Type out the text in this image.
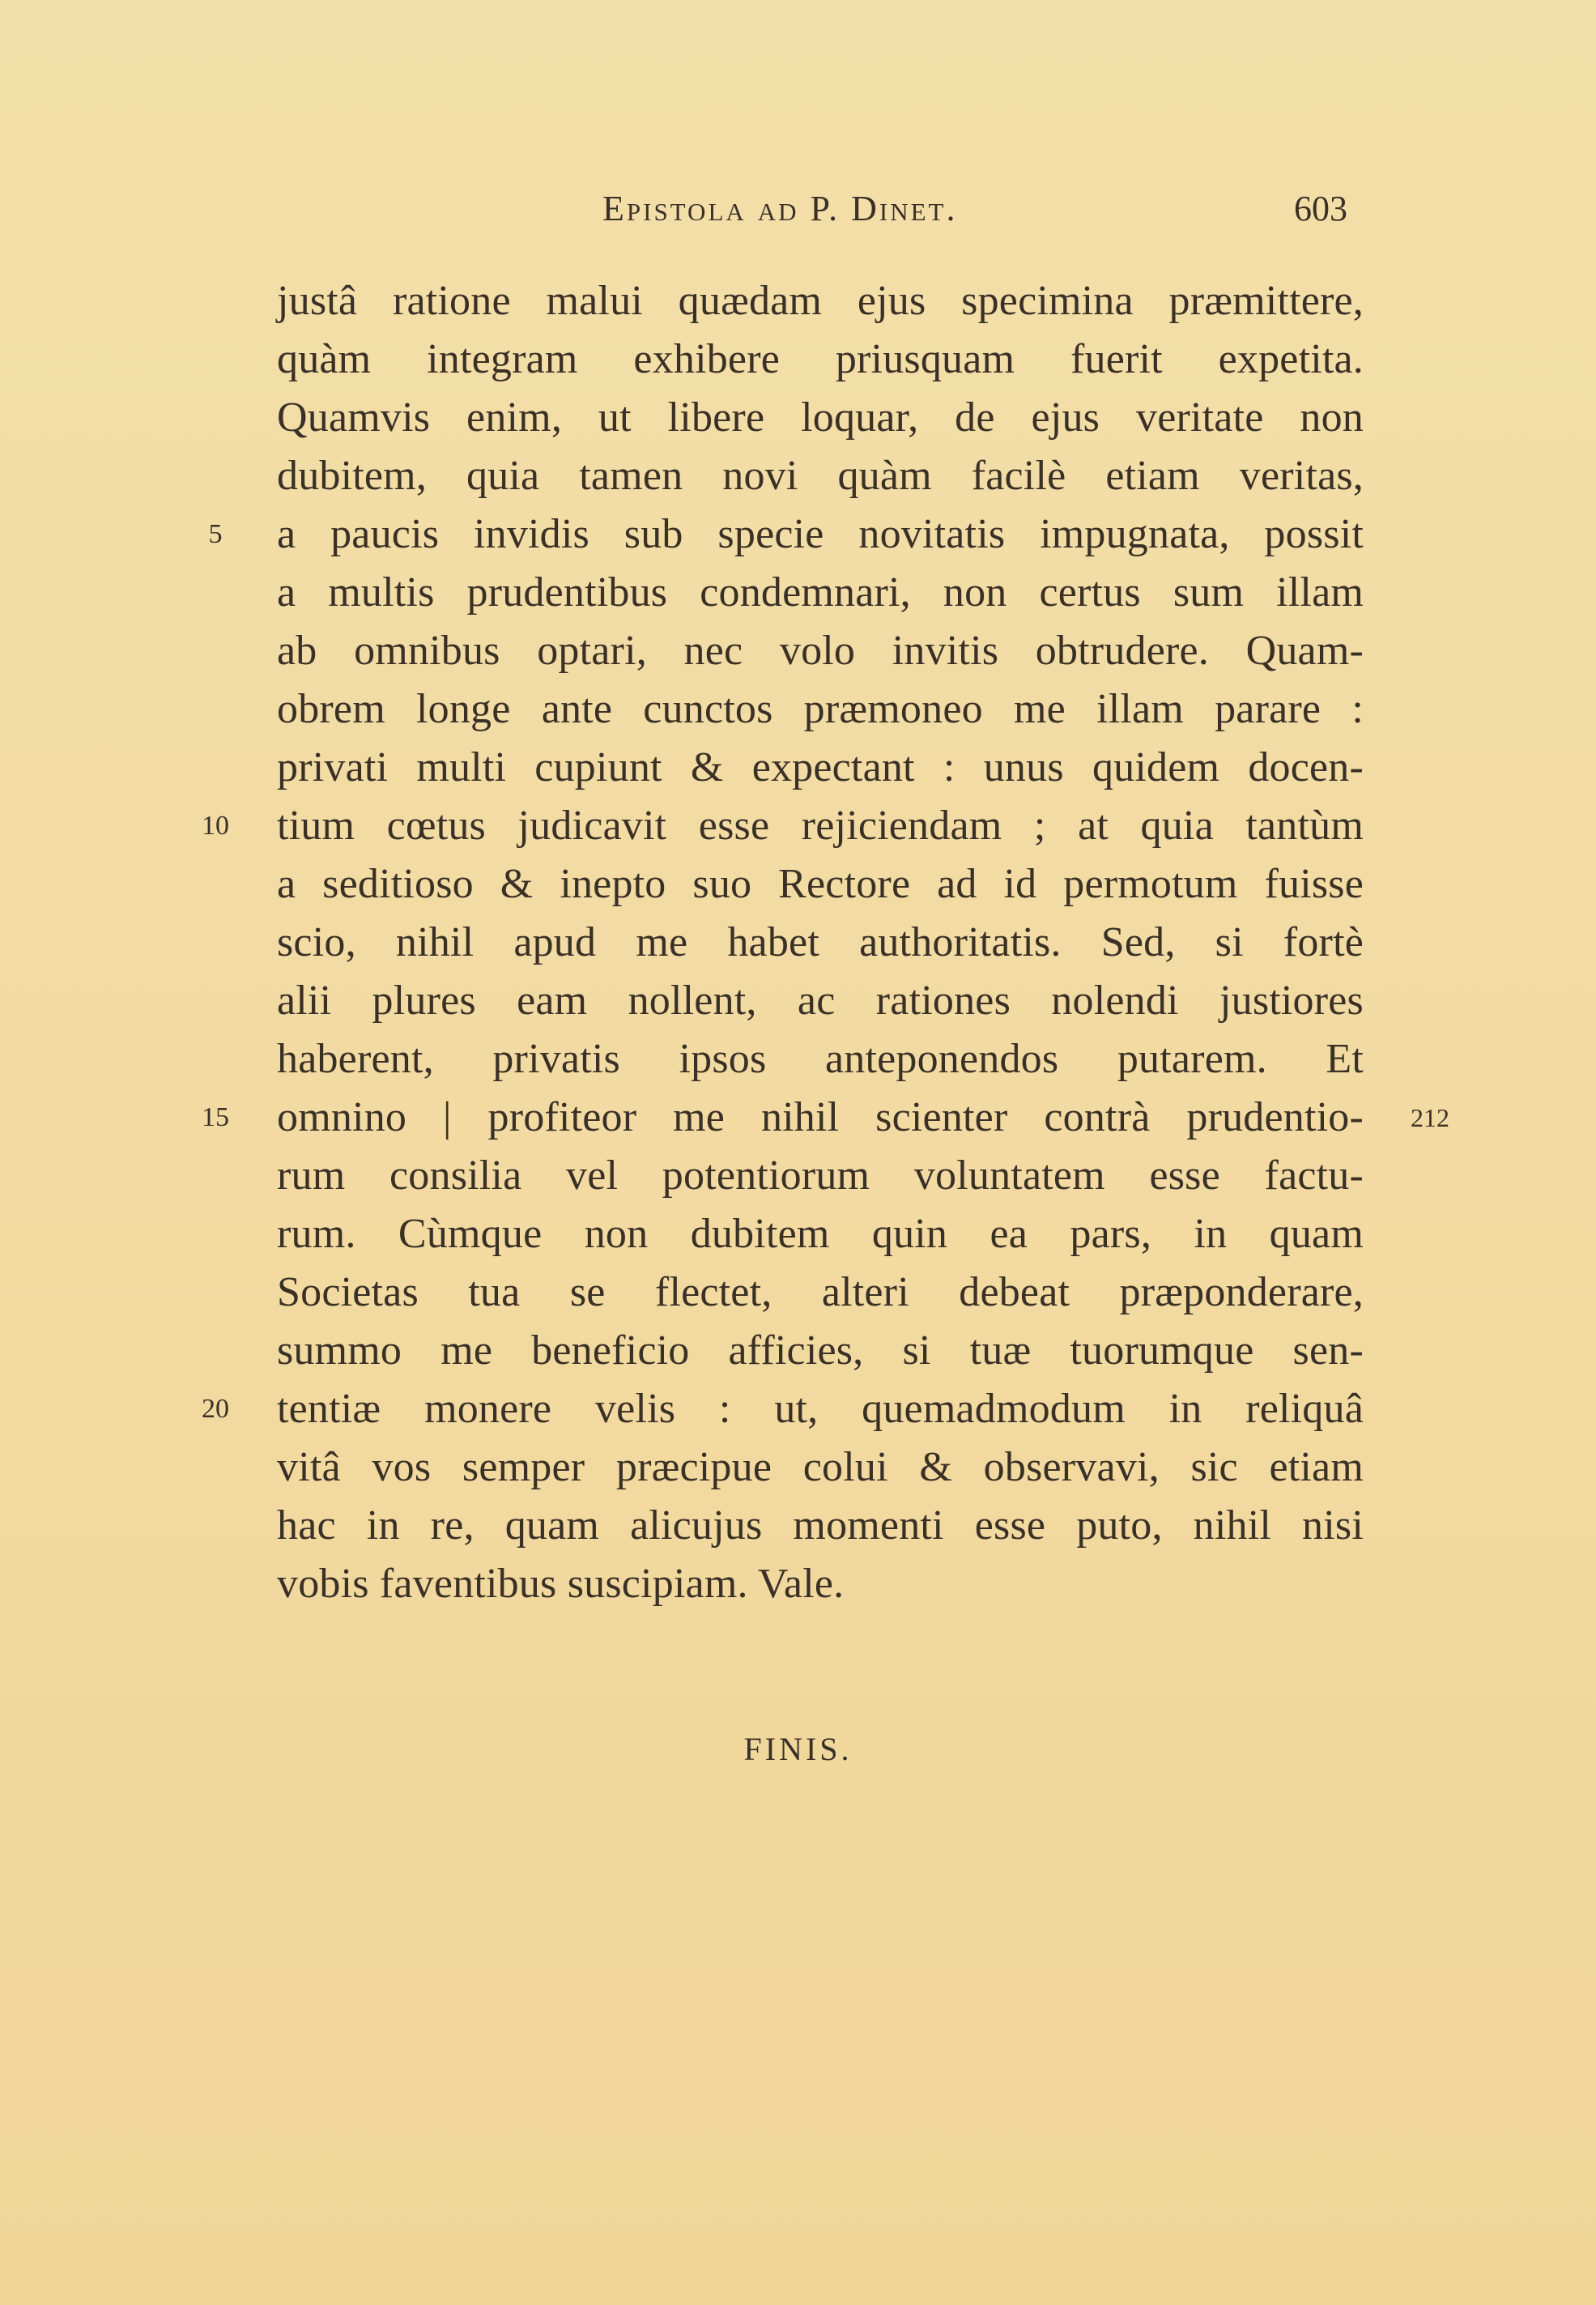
Epistola ad P. Dinet.	603
5
10
15
20
212
justâ ratione malui quædam ejus specimina præmittere,
quàm integram exhibere priusquam fuerit expetita.
Quamvis enim, ut libere loquar, de ejus veritate non
dubitem, quia tamen novi quàm facilè etiam veritas,
a paucis invidis sub specie novitatis impugnata, possit
a multis prudentibus condemnari, non certus sum illam
ab omnibus optari, nec volo invitis obtrudere. Quam-
obrem longe ante cunctos præmoneo me illam parare :
privati multi cupiunt & expectant : unus quidem docen-
tium cœtus judicavit esse rejiciendam ; at quia tantùm
a seditioso & inepto suo Rectore ad id permotum fuisse
scio, nihil apud me habet authoritatis. Sed, si fortè
alii plures eam nollent, ac rationes nolendi justiores
haberent, privatis ipsos anteponendos putarem. Et
omnino | profiteor me nihil scienter contrà prudentio-
rum consilia vel potentiorum voluntatem esse factu-
rum. Cùmque non dubitem quin ea pars, in quam
Societas tua se flectet, alteri debeat præponderare,
summo me beneficio afficies, si tuæ tuorumque sen-
tentiæ monere velis : ut, quemadmodum in reliquâ
vitâ vos semper præcipue colui & observavi, sic etiam
hac in re, quam alicujus momenti esse puto, nihil nisi
vobis faventibus suscipiam. Vale.
FINIS.
